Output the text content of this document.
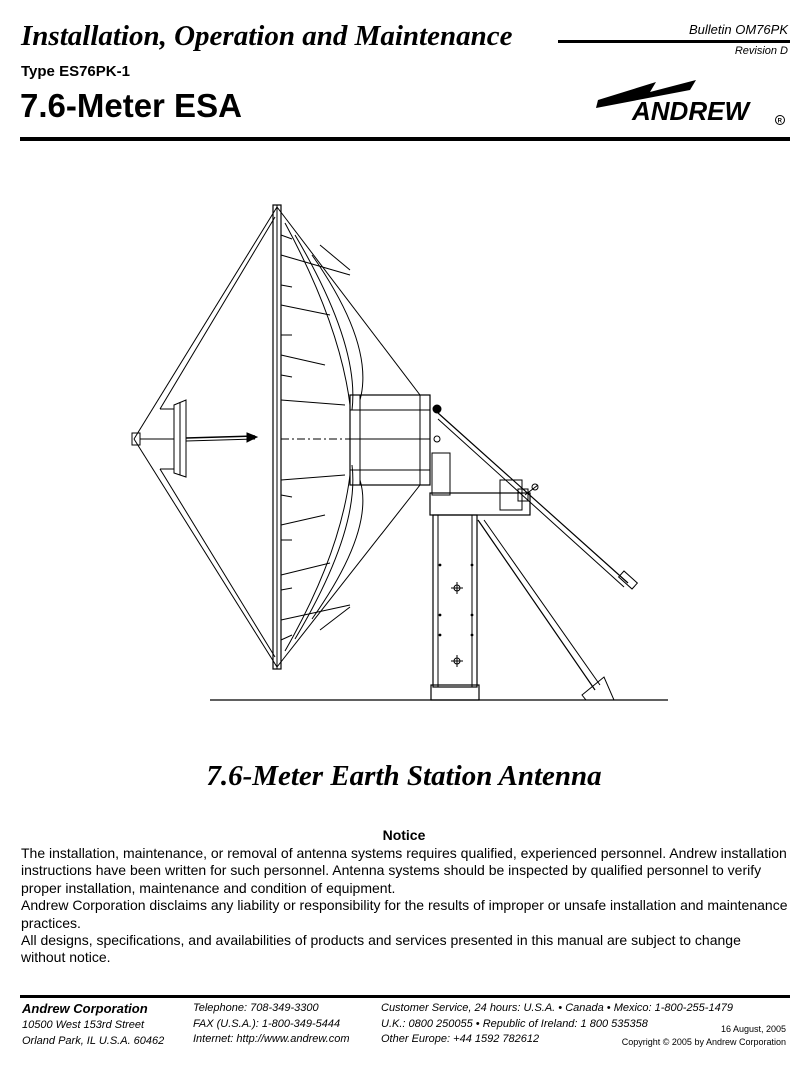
Installation, Operation and Maintenance	Bulletin OM76PK
Revision D
Type ES76PK-1
7.6-Meter ESA	ANDREW	R
7.6-Meter Earth Station Antenna
Notice

The installation, maintenance, or removal of antenna systems requires qualified, experienced personnel. Andrew installation instructions have been written for such personnel. Antenna systems should be inspected by qualified personnel to verify proper installation, maintenance and condition of equipment.

Andrew Corporation disclaims any liability or responsibility for the results of improper or unsafe installation and maintenance practices.

All designs, specifications, and availabilities of products and services presented in this manual are subject to change without notice.

Andrew Corporation
10500 West 153rd Street
Orland Park, IL U.S.A. 60462
Telephone: 708-349-3300
FAX (U.S.A.): 1-800-349-5444
Internet: http://www.andrew.com
Customer Service, 24 hours: U.S.A. • Canada • Mexico: 1-800-255-1479
U.K.: 0800 250055 • Republic of Ireland: 1 800 535358
Other Europe: +44 1592 782612
16 August, 2005
Copyright © 2005 by Andrew Corporation
